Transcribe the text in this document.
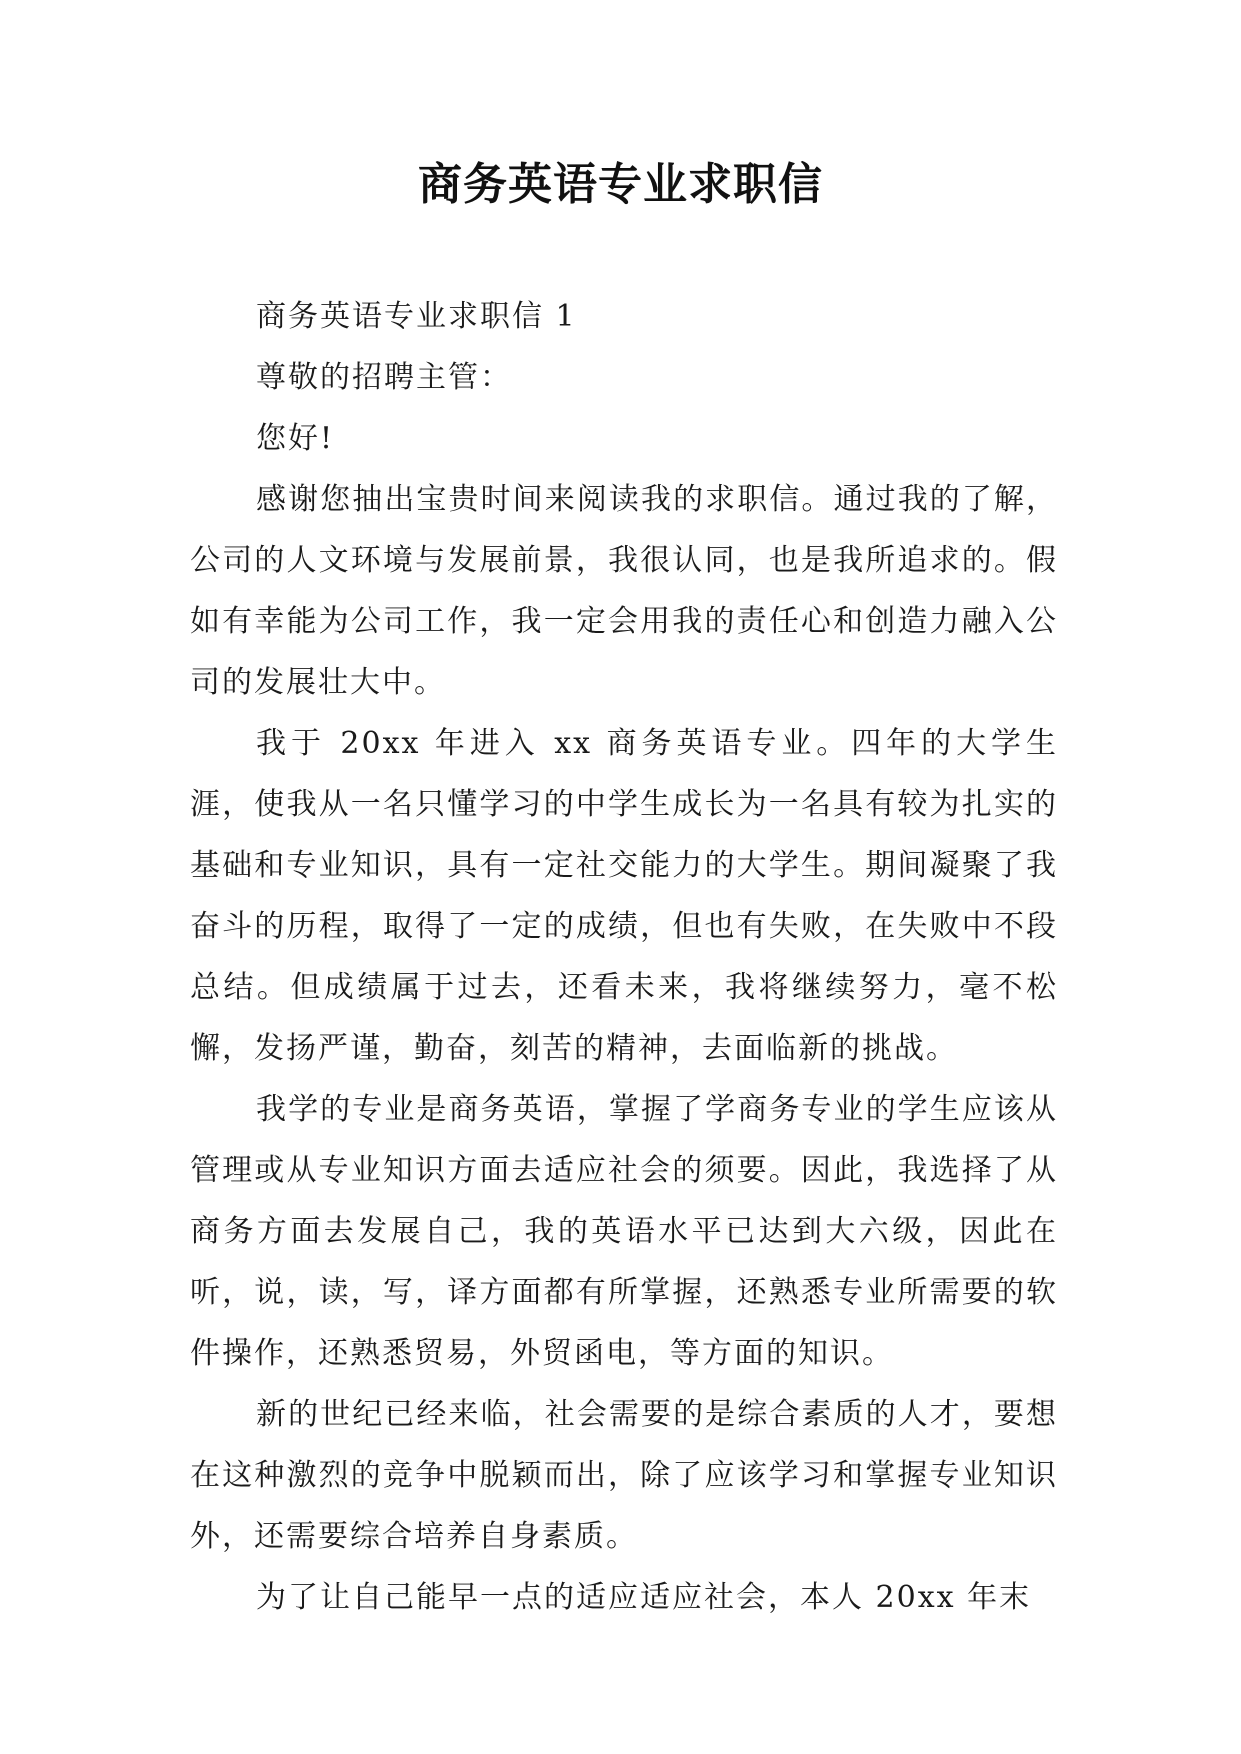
商务英语专业求职信

商务英语专业求职信 1

尊敬的招聘主管：

您好!

感谢您抽出宝贵时间来阅读我的求职信。通过我的了解，公司的人文环境与发展前景，我很认同，也是我所追求的。假如有幸能为公司工作，我一定会用我的责任心和创造力融入公司的发展壮大中。

我于 20xx 年进入 xx 商务英语专业。四年的大学生涯，使我从一名只懂学习的中学生成长为一名具有较为扎实的基础和专业知识，具有一定社交能力的大学生。期间凝聚了我奋斗的历程，取得了一定的成绩，但也有失败，在失败中不段总结。但成绩属于过去，还看未来，我将继续努力，毫不松懈，发扬严谨，勤奋，刻苦的精神，去面临新的挑战。

我学的专业是商务英语，掌握了学商务专业的学生应该从管理或从专业知识方面去适应社会的须要。因此，我选择了从商务方面去发展自己，我的英语水平已达到大六级，因此在听，说，读，写，译方面都有所掌握，还熟悉专业所需要的软件操作，还熟悉贸易，外贸函电，等方面的知识。

新的世纪已经来临，社会需要的是综合素质的人才，要想在这种激烈的竞争中脱颖而出，除了应该学习和掌握专业知识外，还需要综合培养自身素质。

为了让自己能早一点的适应适应社会，本人 20xx 年末
